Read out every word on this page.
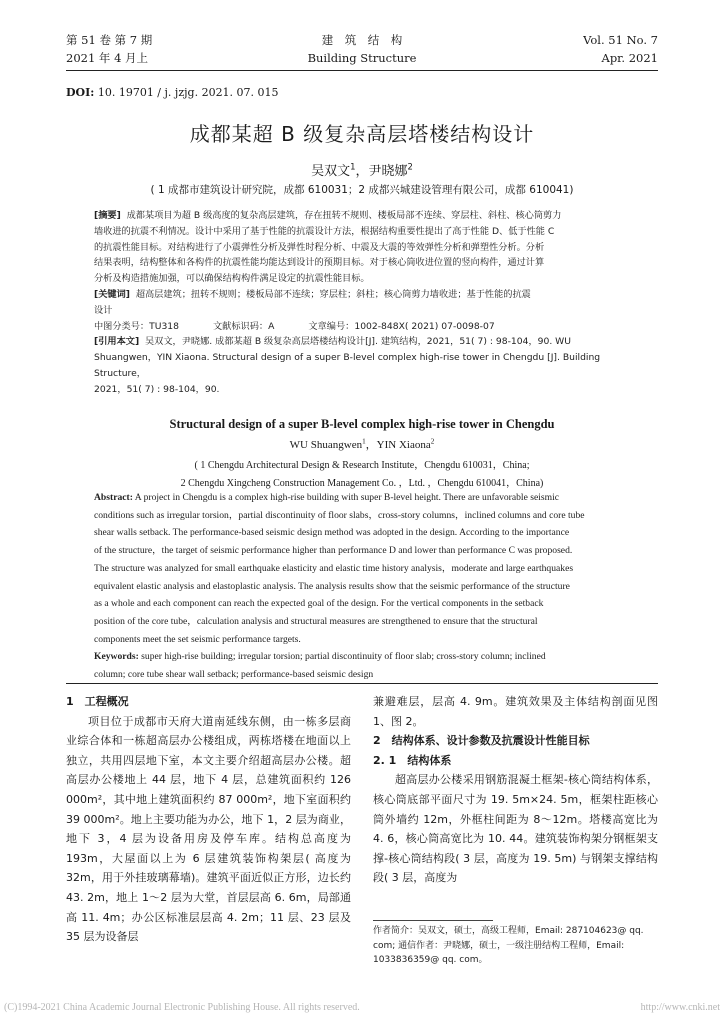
第 51 卷 第 7 期
2021 年 4 月上
建　筑　结　构
Building Structure
Vol. 51 No. 7
Apr. 2021
DOI: 10. 19701 / j. jzjg. 2021. 07. 015
成都某超 B 级复杂高层塔楼结构设计
吴双文$^1$，尹晓娜$^2$
( 1 成都市建筑设计研究院，成都 610031；2 成都兴城建设管理有限公司，成都 610041)

[摘要] 成都某项目为超 B 级高度的复杂高层建筑，存在扭转不规则、楼板局部不连续、穿层柱、斜柱、核心筒剪力

墙收进的抗震不利情况。设计中采用了基于性能的抗震设计方法，根据结构重要性提出了高于性能 D、低于性能 C

的抗震性能目标。对结构进行了小震弹性分析及弹性时程分析、中震及大震的等效弹性分析和弹塑性分析。分析

结果表明，结构整体和各构件的抗震性能均能达到设计的预期目标。对于核心筒收进位置的竖向构件，通过计算

分析及构造措施加强，可以确保结构构件满足设定的抗震性能目标。

[关键词] 超高层建筑；扭转不规则；楼板局部不连续；穿层柱；斜柱；核心筒剪力墙收进；基于性能的抗震

设计

中图分类号：TU318	文献标识码：A	文章编号：1002-848X( 2021) 07-0098-07

[引用本文] 吴双文，尹晓娜. 成都某超 B 级复杂高层塔楼结构设计[J]. 建筑结构，2021，51( 7) : 98-104，90. WU

Shuangwen，YIN Xiaona. Structural design of a super B-level complex high-rise tower in Chengdu [J]. Building Structure，

2021，51( 7) : 98-104，90.

Structural design of a super B-level complex high-rise tower in Chengdu
WU Shuangwen$^1$，YIN Xiaona$^2$
( 1 Chengdu Architectural Design & Research Institute，Chengdu 610031，China;
2 Chengdu Xingcheng Construction Management Co. ，Ltd. ，Chengdu 610041，China)

Abstract: A project in Chengdu is a complex high-rise building with super B-level height. There are unfavorable seismic

conditions such as irregular torsion，partial discontinuity of floor slabs，cross-story columns，inclined columns and core tube

shear walls setback. The performance-based seismic design method was adopted in the design. According to the importance

of the structure，the target of seismic performance higher than performance D and lower than performance C was proposed.

The structure was analyzed for small earthquake elasticity and elastic time history analysis，moderate and large earthquakes

equivalent elastic analysis and elastoplastic analysis. The analysis results show that the seismic performance of the structure

as a whole and each component can reach the expected goal of the design. For the vertical components in the setback

position of the core tube，calculation analysis and structural measures are strengthened to ensure that the structural

components meet the set seismic performance targets.

Keywords: super high-rise building; irregular torsion; partial discontinuity of floor slab; cross-story column; inclined

column; core tube shear wall setback; performance-based seismic design

1　工程概况

项目位于成都市天府大道南延线东侧，由一栋多层商业综合体和一栋超高层办公楼组成，两栋塔楼在地面以上独立，共用四层地下室，本文主要介绍超高层办公楼。超高层办公楼地上 44 层，地下 4 层，总建筑面积约 126 000m²，其中地上建筑面积约 87 000m²，地下室面积约 39 000m²。地上主要功能为办公，地下 1，2 层为商业，地下 3，4 层为设备用房及停车库。结构总高度为 193m，大屋面以上为 6 层建筑装饰构架层( 高度为 32m，用于外挂玻璃幕墙)。建筑平面近似正方形，边长约 43. 2m，地上 1～2 层为大堂，首层层高 6. 6m，局部通高 11. 4m；办公区标准层层高 4. 2m；11 层、23 层及 35 层为设备层

兼避难层，层高 4. 9m。建筑效果及主体结构剖面见图 1、图 2。

2　结构体系、设计参数及抗震设计性能目标

2. 1　结构体系

超高层办公楼采用钢筋混凝土框架-核心筒结构体系，核心筒底部平面尺寸为 19. 5m×24. 5m，框架柱距核心筒外墙约 12m，外框柱间距为 8～12m。塔楼高宽比为 4. 6，核心筒高宽比为 10. 44。建筑装饰构架分钢框架支撑-核心筒结构段( 3 层，高度为 19. 5m) 与钢架支撑结构段( 3 层，高度为

作者简介：吴双文，硕士，高级工程师，Email: 287104623@ qq. com; 通信作者：尹晓娜，硕士，一级注册结构工程师，Email: 1033836359@ qq. com。
(C)1994-2021 China Academic Journal Electronic Publishing House. All rights reserved.	http://www.cnki.net
